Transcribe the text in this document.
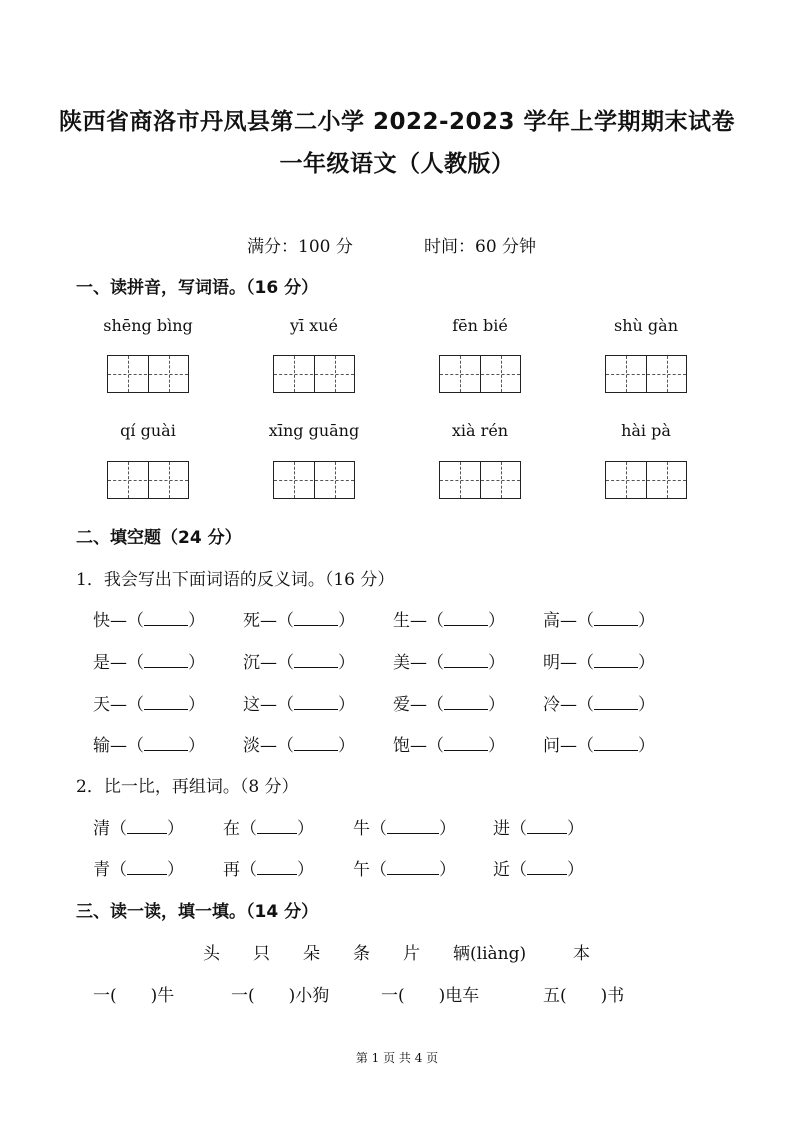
陕西省商洛市丹凤县第二小学 2022-2023 学年上学期期末试卷
一年级语文（人教版）
满分：100 分	时间：60 分钟
一、读拼音，写词语。（16 分）
shēng bìng	yī xué	fēn bié	shù gàn
qí guài	xīng guāng	xià rén	hài pà
二、填空题（24 分）
1．我会写出下面词语的反义词。（16 分）
快—（	） 死—（	） 生—（	） 高—（	）
是—（	） 沉—（	） 美—（	） 明—（	）
天—（	） 这—（	） 爱—（	） 冷—（	）
输—（	） 淡—（	） 饱—（	） 问—（	）
2．比一比，再组词。（8 分）
清（ ） 在（ ） 牛（	） 进（ ）
青（ ） 再（ ） 午（	） 近（ ）
三、读一读，填一填。（14 分）
头 只 朵 条 片 辆(liàng)	本
一( )牛	一( )小狗	一( )电车	五( )书
第 1 页 共 4 页
